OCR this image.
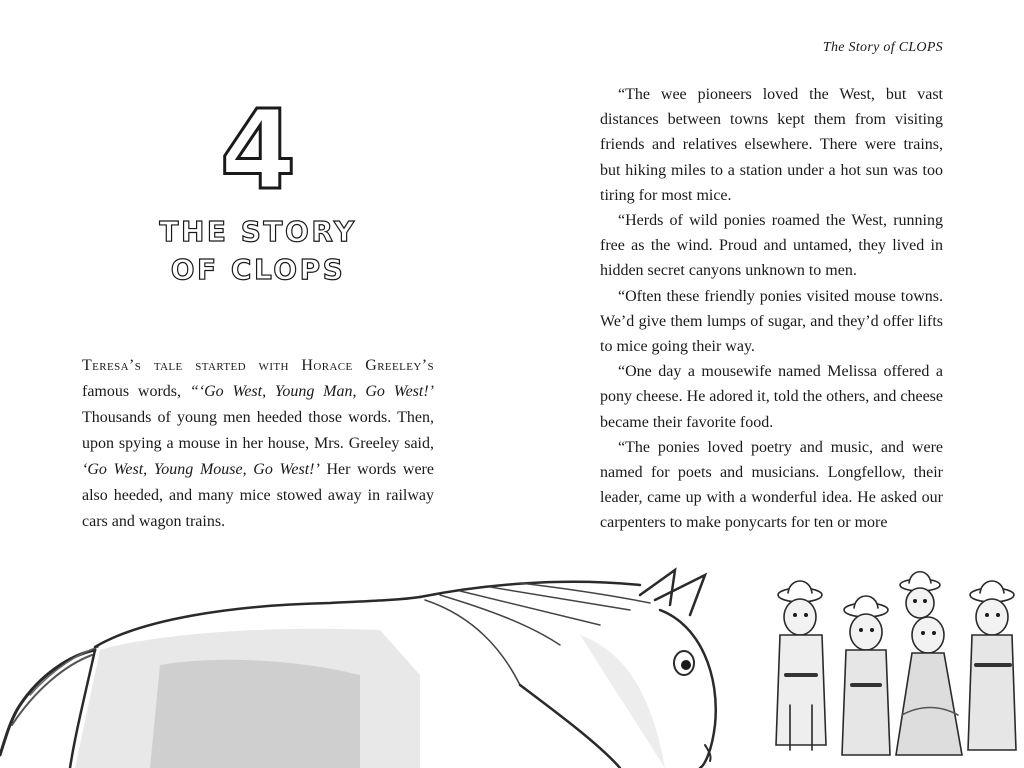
The Story of CLOPS
4
THE STORY
OF CLOPS

Teresa’s tale started with Horace Greeley’s famous words, “‘Go West, Young Man, Go West!’ Thousands of young men heeded those words. Then, upon spying a mouse in her house, Mrs. Greeley said, ‘Go West, Young Mouse, Go West!’ Her words were also heeded, and many mice stowed away in railway cars and wagon trains.

“The wee pioneers loved the West, but vast distances between towns kept them from visiting friends and relatives elsewhere. There were trains, but hiking miles to a station under a hot sun was too tiring for most mice.

“Herds of wild ponies roamed the West, running free as the wind. Proud and untamed, they lived in hidden secret canyons unknown to men.

“Often these friendly ponies visited mouse towns. We’d give them lumps of sugar, and they’d offer lifts to mice going their way.

“One day a mousewife named Melissa offered a pony cheese. He adored it, told the others, and cheese became their favorite food.

“The ponies loved poetry and music, and were named for poets and musicians. Longfellow, their leader, came up with a wonderful idea. He asked our carpenters to make ponycarts for ten or more
